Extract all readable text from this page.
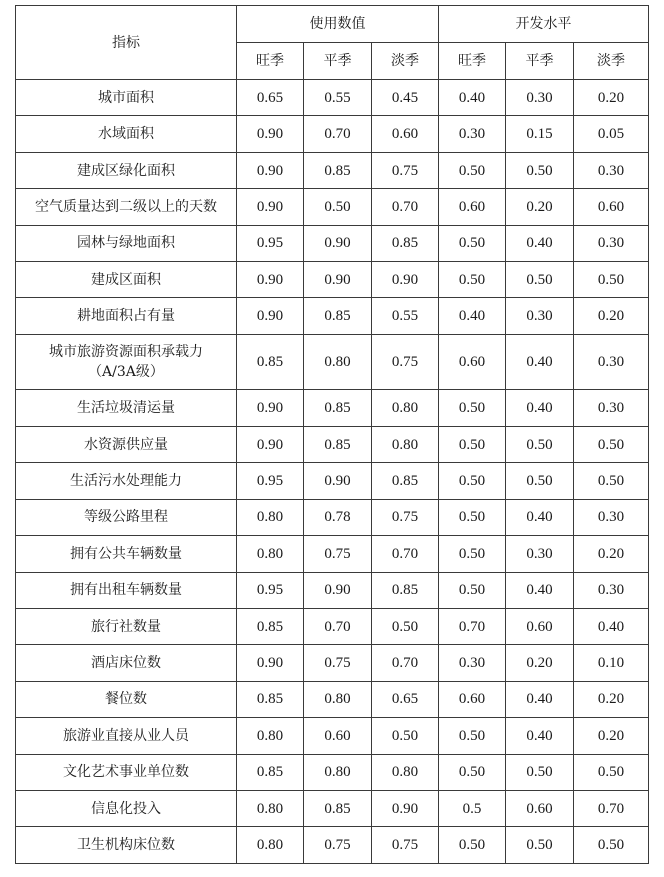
指标	使用数值			开发水平		
	旺季	平季	淡季	旺季	平季	淡季

城市面积	0.65	0.55	0.45	0.40	0.30	0.20

水域面积	0.90	0.70	0.60	0.30	0.15	0.05

建成区绿化面积	0.90	0.85	0.75	0.50	0.50	0.30

空气质量达到二级以上的天数	0.90	0.50	0.70	0.60	0.20	0.60

园林与绿地面积	0.95	0.90	0.85	0.50	0.40	0.30

建成区面积	0.90	0.90	0.90	0.50	0.50	0.50

耕地面积占有量	0.90	0.85	0.55	0.40	0.30	0.20

城市旅游资源面积承载力
（A/3A级）	0.85	0.80	0.75	0.60	0.40	0.30

生活垃圾清运量	0.90	0.85	0.80	0.50	0.40	0.30

水资源供应量	0.90	0.85	0.80	0.50	0.50	0.50

生活污水处理能力	0.95	0.90	0.85	0.50	0.50	0.50

等级公路里程	0.80	0.78	0.75	0.50	0.40	0.30

拥有公共车辆数量	0.80	0.75	0.70	0.50	0.30	0.20

拥有出租车辆数量	0.95	0.90	0.85	0.50	0.40	0.30

旅行社数量	0.85	0.70	0.50	0.70	0.60	0.40

酒店床位数	0.90	0.75	0.70	0.30	0.20	0.10

餐位数	0.85	0.80	0.65	0.60	0.40	0.20

旅游业直接从业人员	0.80	0.60	0.50	0.50	0.40	0.20

文化艺术事业单位数	0.85	0.80	0.80	0.50	0.50	0.50

信息化投入	0.80	0.85	0.90	0.5	0.60	0.70

卫生机构床位数	0.80	0.75	0.75	0.50	0.50	0.50
